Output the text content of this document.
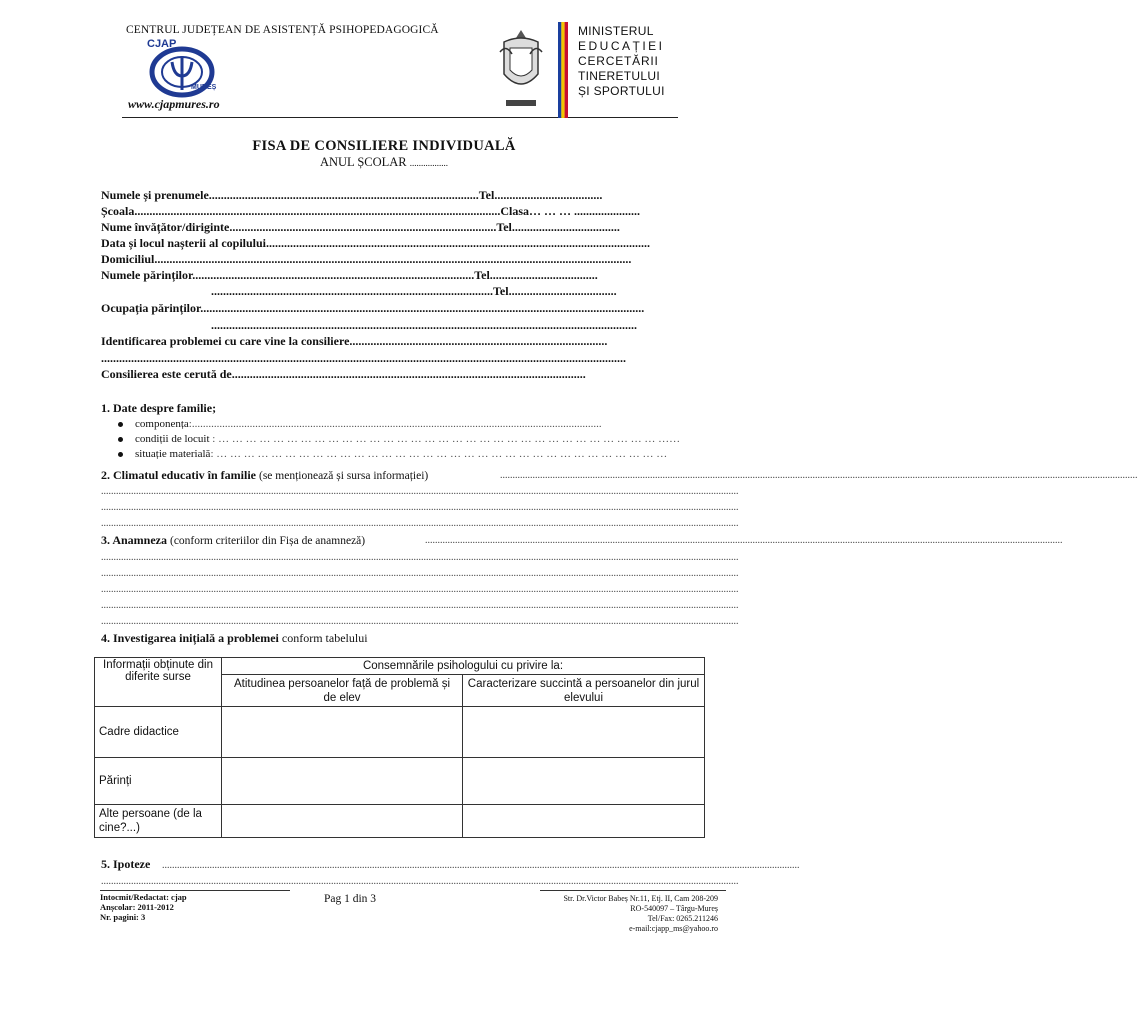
CENTRUL JUDEȚEAN DE ASISTENȚĂ PSIHOPEDAGOGICĂ
CJAP
MUREȘ
www.cjapmures.ro
MINISTERUL
EDUCAȚIEI
CERCETĂRII
TINERETULUI
ȘI SPORTULUI
FISA DE CONSILIERE INDIVIDUALĂ
ANUL ȘCOLAR .................
Numele și prenumele..........................................................................................Tel....................................
Școala..........................................................................................................................Clasa… … … ......................
Nume învățător/diriginte.........................................................................................Tel....................................
Data și locul nașterii al copilului................................................................................................................................
Domiciliul...............................................................................................................................................................
Numele părinților..............................................................................................Tel....................................
..............................................................................................Tel....................................
Ocupația părinților....................................................................................................................................................
..............................................................................................................................................
Identificarea problemei cu care vine la consiliere......................................................................................
...............................................................................................................................................................................
Consilierea este cerută de......................................................................................................................
1. Date despre familie;
componența:.....................................................................................................................................................
condiții de locuit : … … … … … … … … … … … … … … … … … … … … … … … … … … … … … … … … ……
situație materială: … … … … … … … … … … … … … … … … … … … … … … … … … … … … … … … … …
2. Climatul educativ în familie (se menționează și sursa informației)	...............................................................................................................................................................................................................................................................
...............................................................................................................................................................................................................................................................
...............................................................................................................................................................................................................................................................
...............................................................................................................................................................................................................................................................
3. Anamneza (conform criteriilor din Fișa de anamneză)	...............................................................................................................................................................................................................................................................
...............................................................................................................................................................................................................................................................
...............................................................................................................................................................................................................................................................
...............................................................................................................................................................................................................................................................
...............................................................................................................................................................................................................................................................
...............................................................................................................................................................................................................................................................
4. Investigarea inițială a problemei conform tabelului
Informații obținute din diferite surse	Consemnările psihologului cu privire la:	
	Atitudinea persoanelor față de problemă și de elev	Caracterizare succintă a persoanelor din jurul elevului
Cadre didactice		
Părinți		
Alte persoane (de la cine?...)		
5. Ipoteze ...............................................................................................................................................................................................................................................................
...............................................................................................................................................................................................................................................................
Intocmit/Redactat: cjap
Anșcolar: 2011-2012
Nr. pagini: 3
Pag 1 din 3	Str. Dr.Victor Babeș Nr.11, Etj. II, Cam 208-209
RO-540097 – Târgu-Mureș
Tel/Fax: 0265.211246
e-mail:cjapp_ms@yahoo.ro
